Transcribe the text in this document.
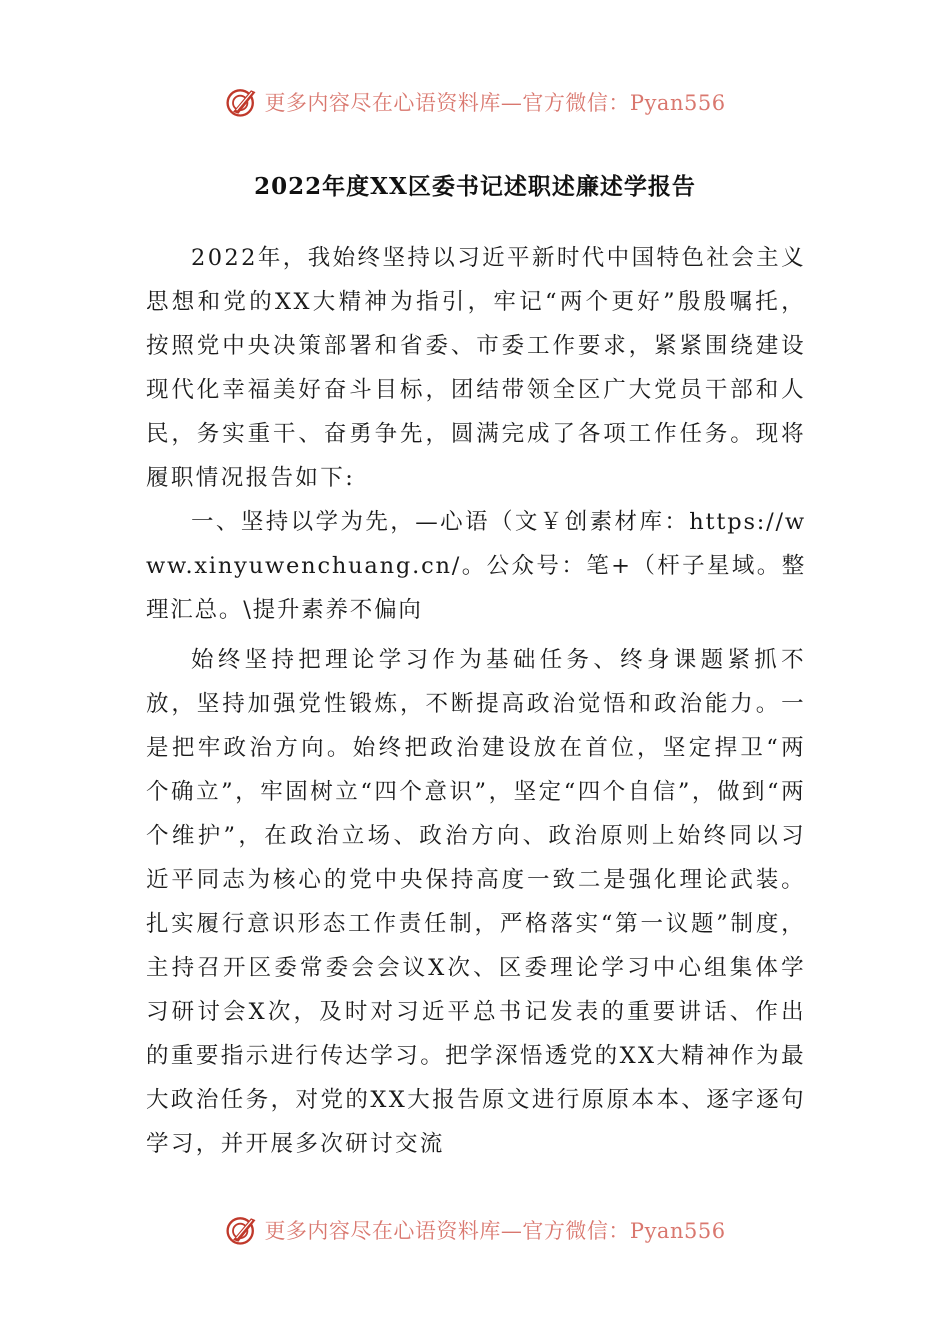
更多内容尽在心语资料库—官方微信：Pyan556
2022年度XX区委书记述职述廉述学报告

2022年，我始终坚持以习近平新时代中国特色社会主义思想和党的XX大精神为指引，牢记“两个更好”殷殷嘱托，按照党中央决策部署和省委、市委工作要求，紧紧围绕建设现代化幸福美好奋斗目标，团结带领全区广大党员干部和人民，务实重干、奋勇争先，圆满完成了各项工作任务。现将履职情况报告如下:

一、坚持以学为先，—心语（文￥创素材库：https://www.xinyuwenchuang.cn/。公众号：笔+（杆子星域。整理汇总。\提升素养不偏向

始终坚持把理论学习作为基础任务、终身课题紧抓不放，坚持加强党性锻炼，不断提高政治觉悟和政治能力。一是把牢政治方向。始终把政治建设放在首位，坚定捍卫“两个确立”，牢固树立“四个意识”，坚定“四个自信”，做到“两个维护”，在政治立场、政治方向、政治原则上始终同以习近平同志为核心的党中央保持高度一致二是强化理论武装。扎实履行意识形态工作责任制，严格落实“第一议题”制度，主持召开区委常委会会议X次、区委理论学习中心组集体学习研讨会X次，及时对习近平总书记发表的重要讲话、作出的重要指示进行传达学习。把学深悟透党的XX大精神作为最大政治任务，对党的XX大报告原文进行原原本本、逐字逐句学习，并开展多次研讨交流

更多内容尽在心语资料库—官方微信：Pyan556
